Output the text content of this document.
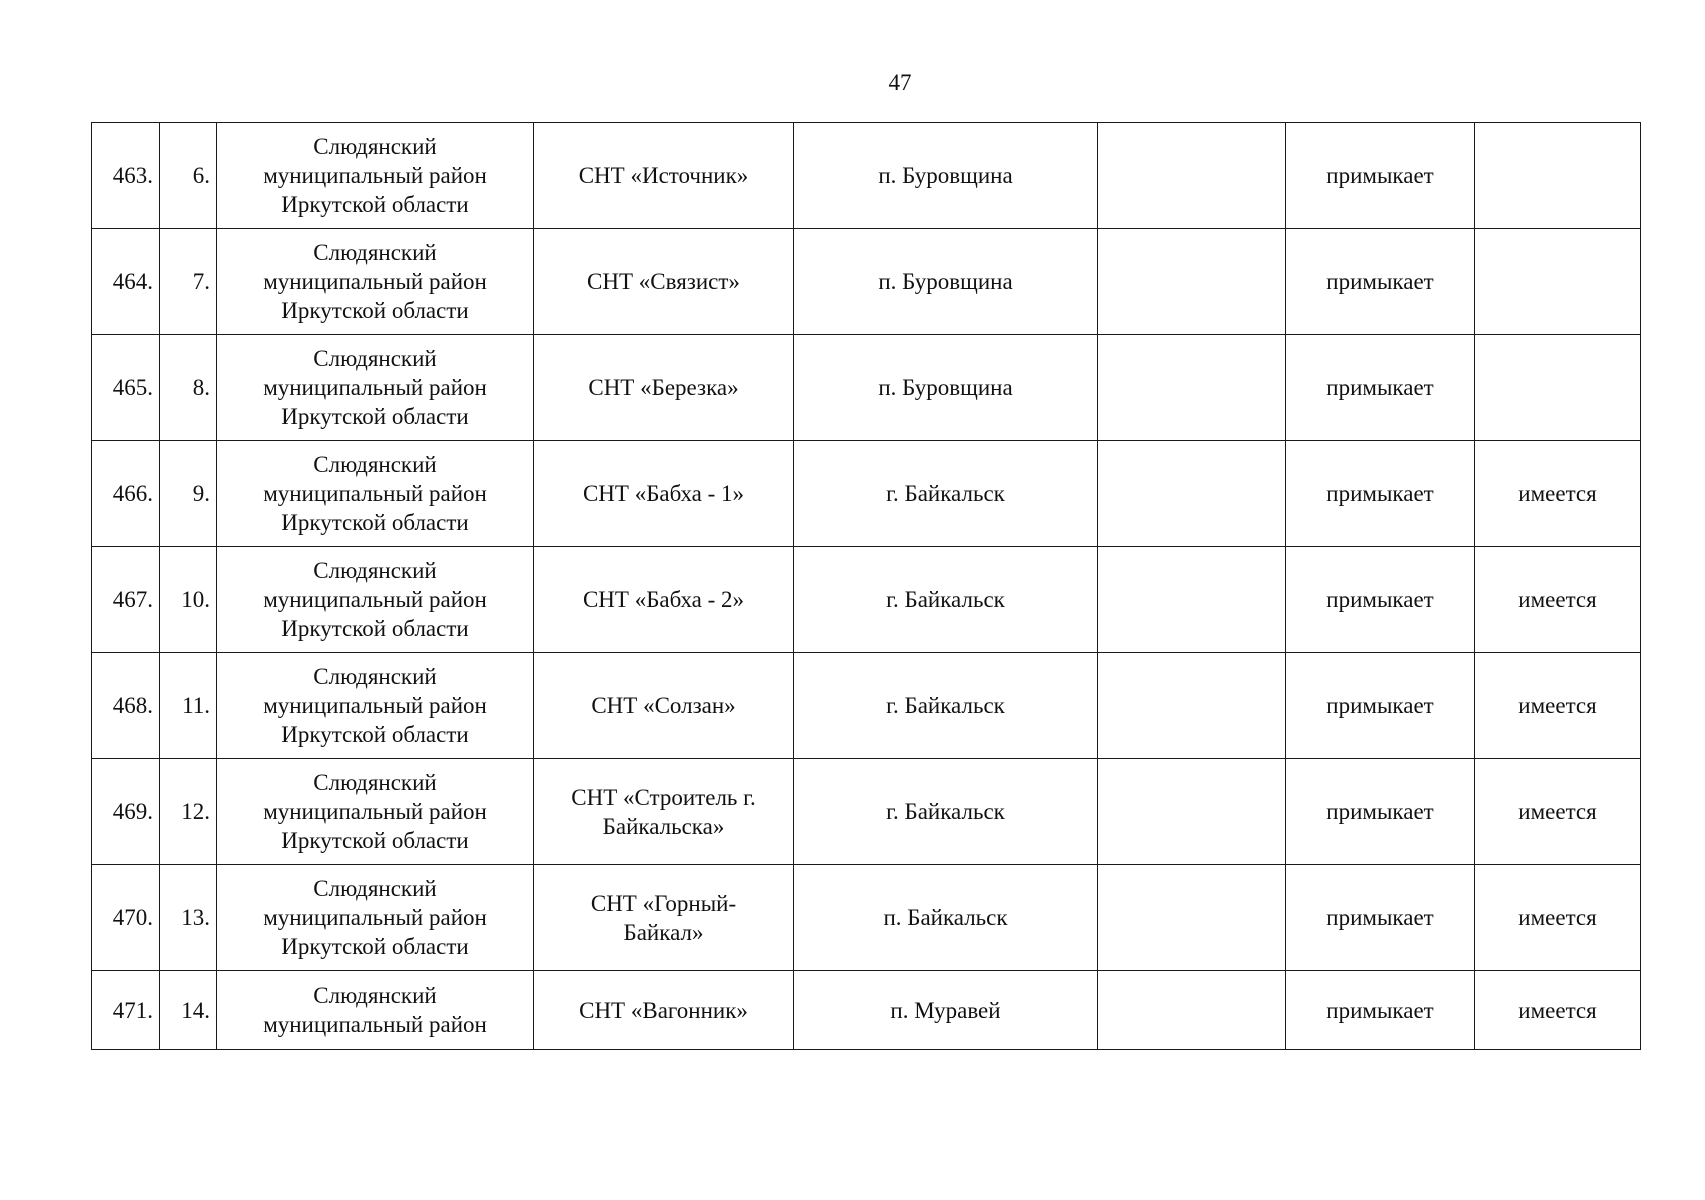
47
463.	6.	Слюдянский
муниципальный район
Иркутской области	СНТ «Источник»	п. Буровщина		примыкает	
464.	7.	Слюдянский
муниципальный район
Иркутской области	СНТ «Связист»	п. Буровщина		примыкает	
465.	8.	Слюдянский
муниципальный район
Иркутской области	СНТ «Березка»	п. Буровщина		примыкает	
466.	9.	Слюдянский
муниципальный район
Иркутской области	СНТ «Бабха - 1»	г. Байкальск		примыкает	имеется
467.	10.	Слюдянский
муниципальный район
Иркутской области	СНТ «Бабха - 2»	г. Байкальск		примыкает	имеется
468.	11.	Слюдянский
муниципальный район
Иркутской области	СНТ «Солзан»	г. Байкальск		примыкает	имеется
469.	12.	Слюдянский
муниципальный район
Иркутской области	СНТ «Строитель г.
Байкальска»	г. Байкальск		примыкает	имеется
470.	13.	Слюдянский
муниципальный район
Иркутской области	СНТ «Горный-
Байкал»	п. Байкальск		примыкает	имеется
471.	14.	Слюдянский
муниципальный район	СНТ «Вагонник»	п. Муравей		примыкает	имеется
